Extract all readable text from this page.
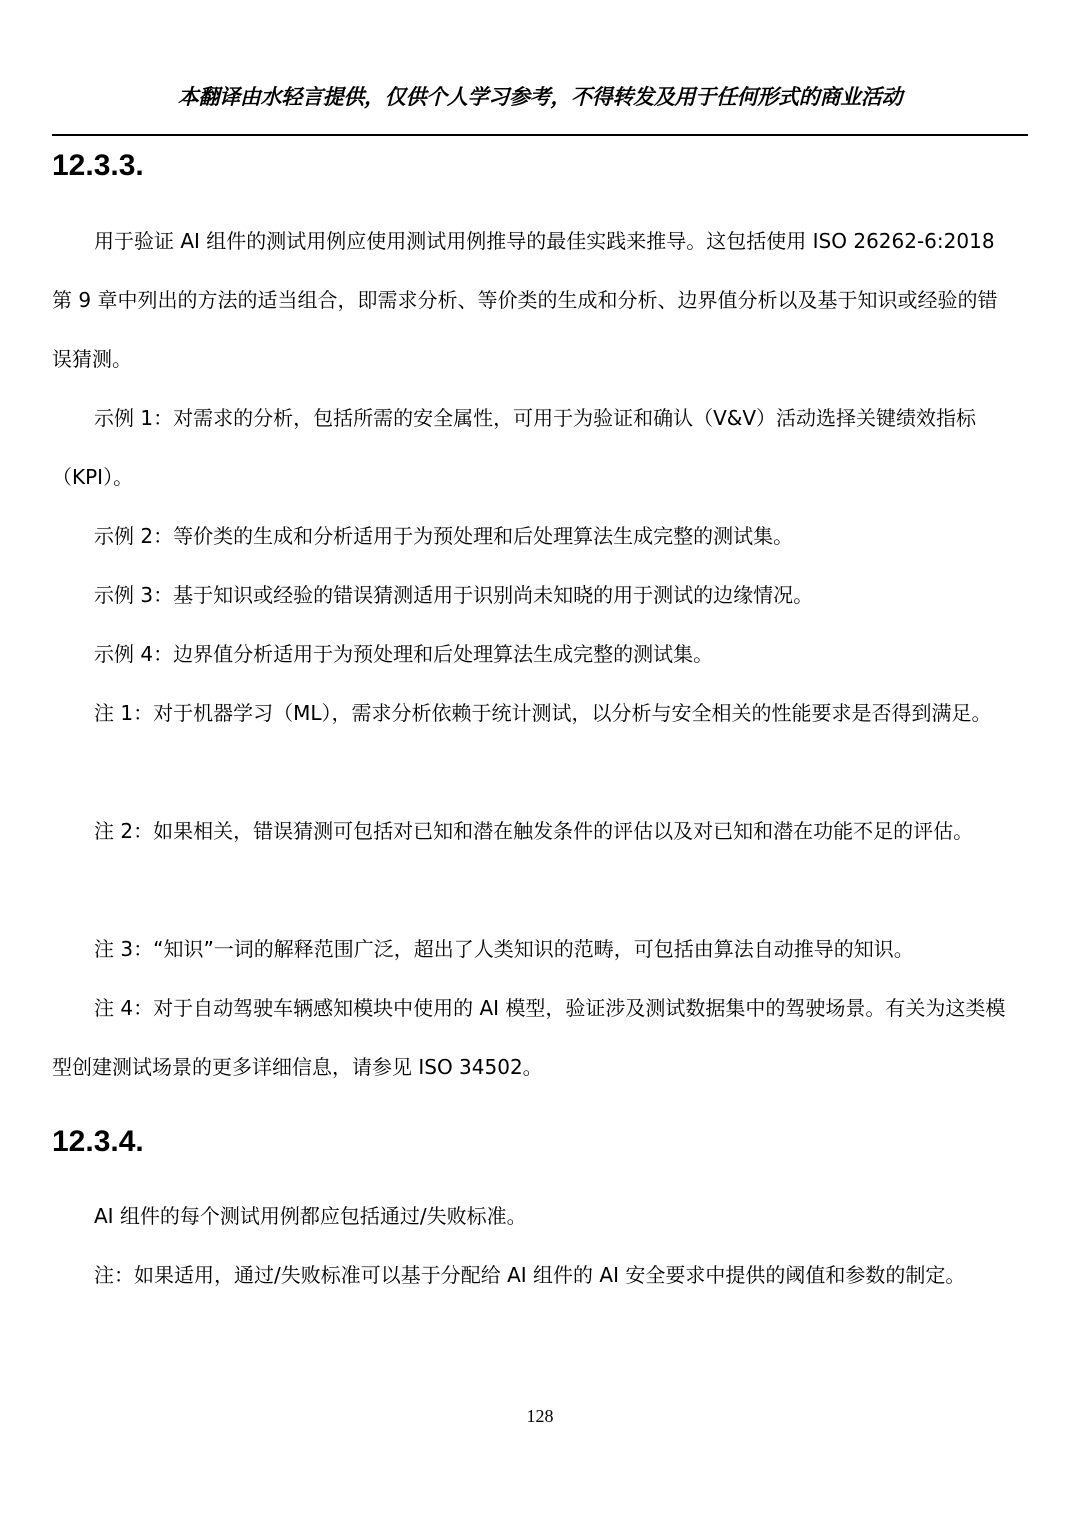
本翻译由水轻言提供，仅供个人学习参考，不得转发及用于任何形式的商业活动
12.3.3.

用于验证 AI 组件的测试用例应使用测试用例推导的最佳实践来推导。这包括使用 ISO 26262-6:2018 第 9 章中列出的方法的适当组合，即需求分析、等价类的生成和分析、边界值分析以及基于知识或经验的错误猜测。

示例 1：对需求的分析，包括所需的安全属性，可用于为验证和确认（V&V）活动选择关键绩效指标（KPI）。

示例 2：等价类的生成和分析适用于为预处理和后处理算法生成完整的测试集。

示例 3：基于知识或经验的错误猜测适用于识别尚未知晓的用于测试的边缘情况。

示例 4：边界值分析适用于为预处理和后处理算法生成完整的测试集。

注 1：对于机器学习（ML），需求分析依赖于统计测试，以分析与安全相关的性能要求是否得到满足。

注 2：如果相关，错误猜测可包括对已知和潜在触发条件的评估以及对已知和潜在功能不足的评估。

注 3：“知识”一词的解释范围广泛，超出了人类知识的范畴，可包括由算法自动推导的知识。

注 4：对于自动驾驶车辆感知模块中使用的 AI 模型，验证涉及测试数据集中的驾驶场景。有关为这类模型创建测试场景的更多详细信息，请参见 ISO 34502。

12.3.4.

AI 组件的每个测试用例都应包括通过/失败标准。

注：如果适用，通过/失败标准可以基于分配给 AI 组件的 AI 安全要求中提供的阈值和参数的制定。

128
